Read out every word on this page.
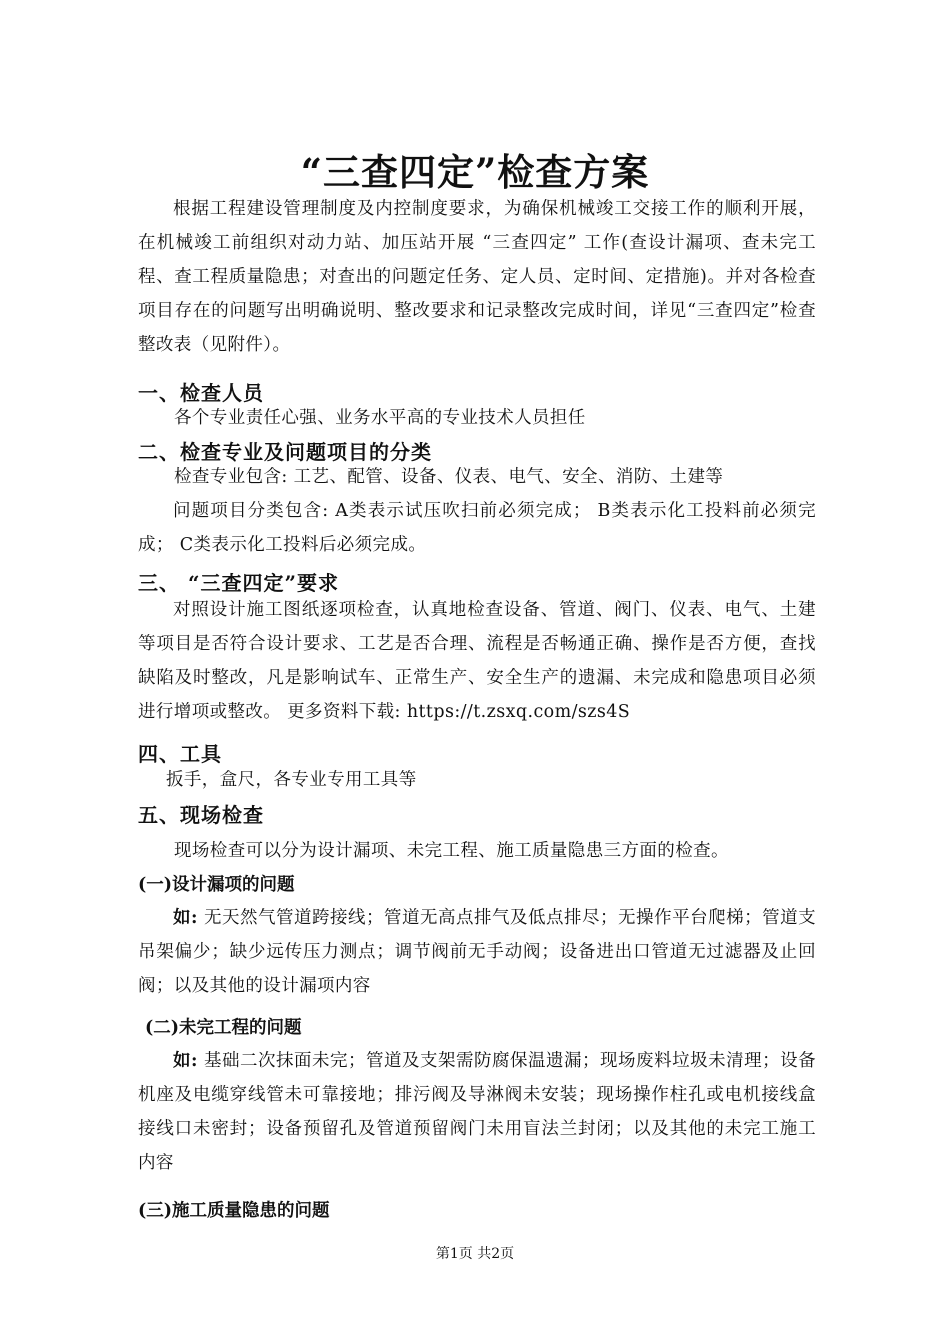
“三查四定”检查方案

根据工程建设管理制度及内控制度要求，为确保机械竣工交接工作的顺利开展，在机械竣工前组织对动力站、加压站开展 “三查四定” 工作(查设计漏项、查未完工程、查工程质量隐患；对查出的问题定任务、定人员、定时间、定措施)。并对各检查项目存在的问题写出明确说明、整改要求和记录整改完成时间，详见“三查四定”检查整改表（见附件）。

一、检查人员
各个专业责任心强、业务水平高的专业技术人员担任
二、检查专业及问题项目的分类
检查专业包含: 工艺、配管、设备、仪表、电气、安全、消防、土建等

问题项目分类包含: A类表示试压吹扫前必须完成； B类表示化工投料前必须完成； C类表示化工投料后必须完成。

三、 “三查四定”要求

对照设计施工图纸逐项检查，认真地检查设备、管道、阀门、仪表、电气、土建等项目是否符合设计要求、工艺是否合理、流程是否畅通正确、操作是否方便，查找缺陷及时整改，凡是影响试车、正常生产、安全生产的遗漏、未完成和隐患项目必须进行增项或整改。 更多资料下载: https://t.zsxq.com/szs4S

四、工具
扳手，盒尺，各专业专用工具等
五、现场检查
现场检查可以分为设计漏项、未完工程、施工质量隐患三方面的检查。
(一)设计漏项的问题

如: 无天然气管道跨接线；管道无高点排气及低点排尽；无操作平台爬梯；管道支吊架偏少；缺少远传压力测点；调节阀前无手动阀；设备进出口管道无过滤器及止回阀；以及其他的设计漏项内容

(二)未完工程的问题

如: 基础二次抹面未完；管道及支架需防腐保温遗漏；现场废料垃圾未清理；设备机座及电缆穿线管未可靠接地；排污阀及导淋阀未安装；现场操作柱孔或电机接线盒接线口未密封；设备预留孔及管道预留阀门未用盲法兰封闭；以及其他的未完工施工内容

(三)施工质量隐患的问题
第1页 共2页
